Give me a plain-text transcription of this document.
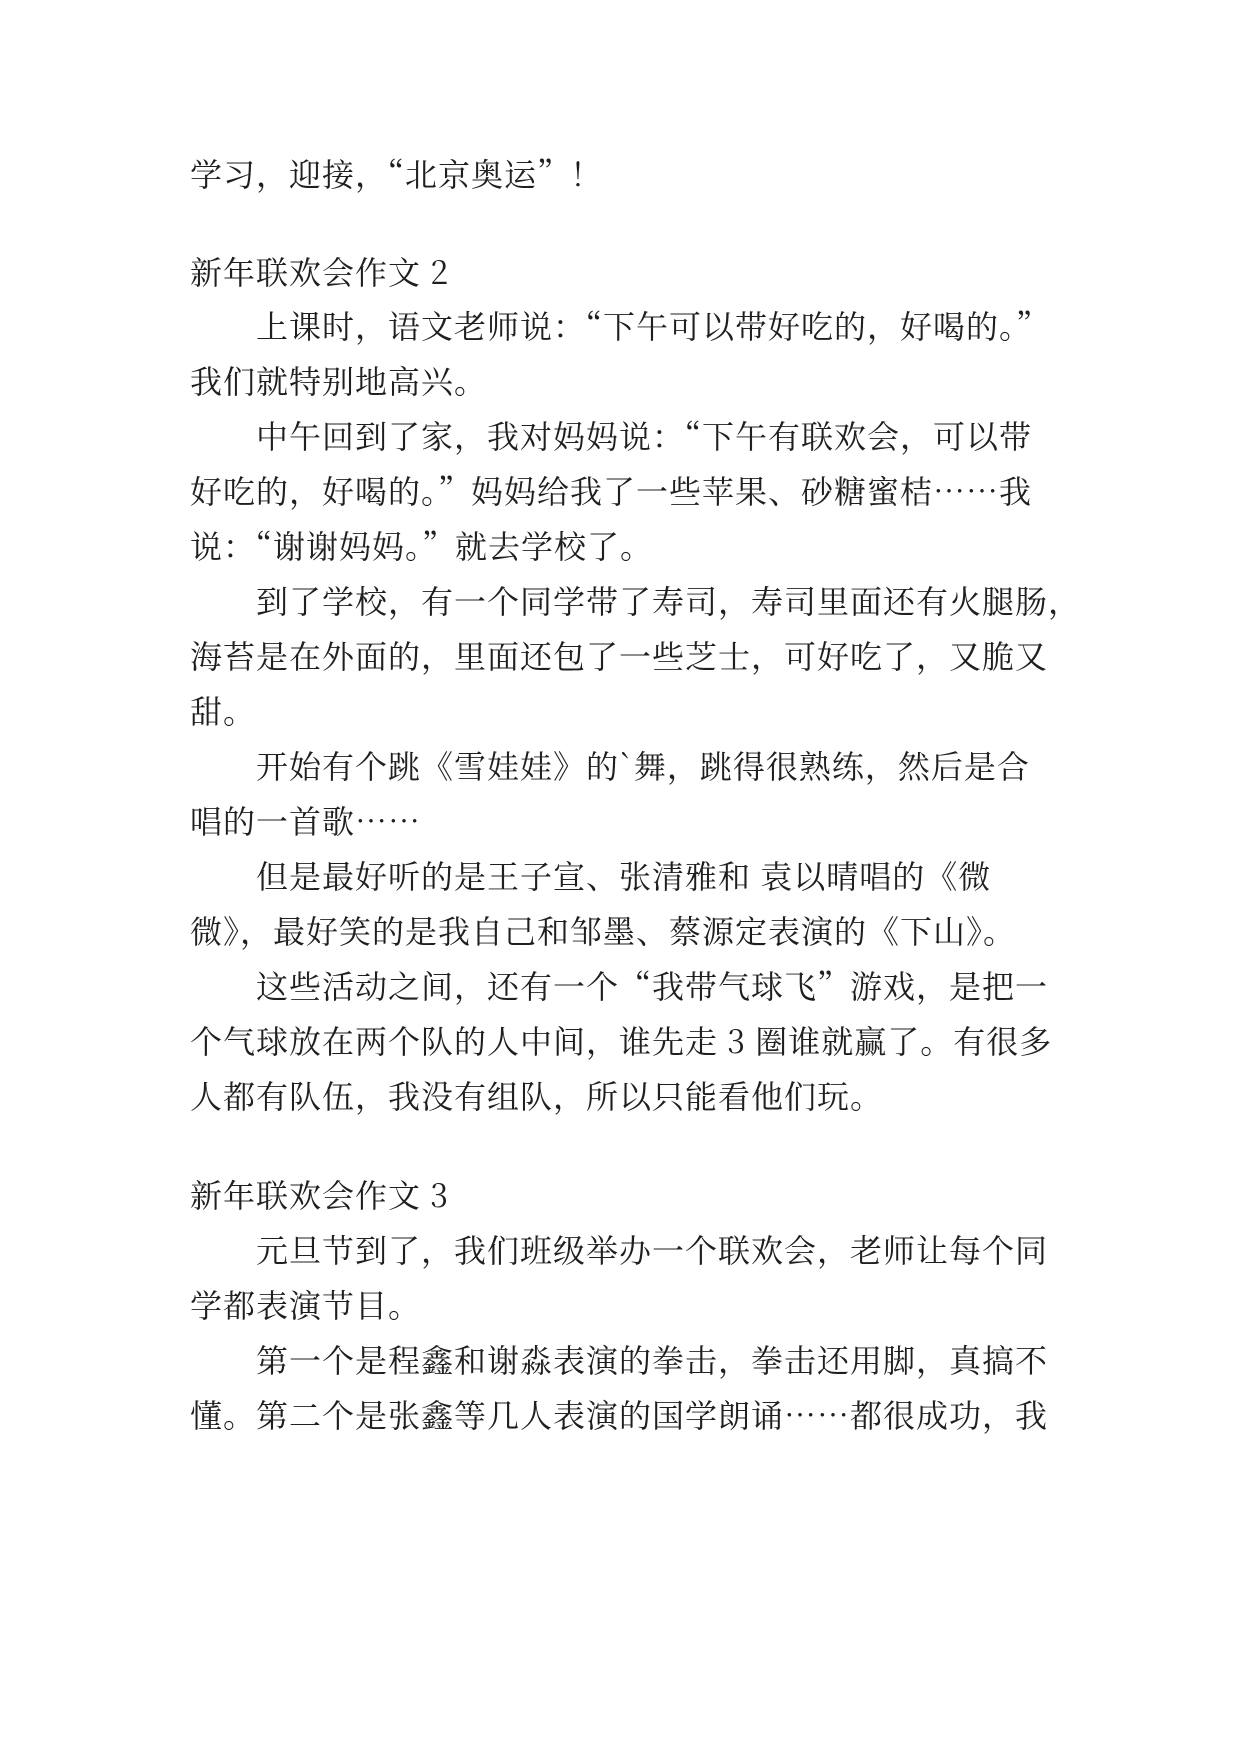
学习，迎接，“北京奥运”！
新年联欢会作文 2
上课时，语文老师说：“下午可以带好吃的，好喝的。”
我们就特别地高兴。
中午回到了家，我对妈妈说：“下午有联欢会，可以带
好吃的，好喝的。”妈妈给我了一些苹果、砂糖蜜桔……我
说：“谢谢妈妈。”就去学校了。
到了学校，有一个同学带了寿司，寿司里面还有火腿肠，
海苔是在外面的，里面还包了一些芝士，可好吃了，又脆又
甜。
开始有个跳《雪娃娃》的`舞，跳得很熟练，然后是合
唱的一首歌……
但是最好听的是王子宣、张清雅和 袁以晴唱的《微
微》，最好笑的是我自己和邹墨、蔡源定表演的《下山》。
这些活动之间，还有一个“我带气球飞”游戏，是把一
个气球放在两个队的人中间，谁先走 3 圈谁就赢了。有很多
人都有队伍，我没有组队，所以只能看他们玩。
新年联欢会作文 3
元旦节到了，我们班级举办一个联欢会，老师让每个同
学都表演节目。
第一个是程鑫和谢淼表演的拳击，拳击还用脚，真搞不
懂。第二个是张鑫等几人表演的国学朗诵……都很成功，我
